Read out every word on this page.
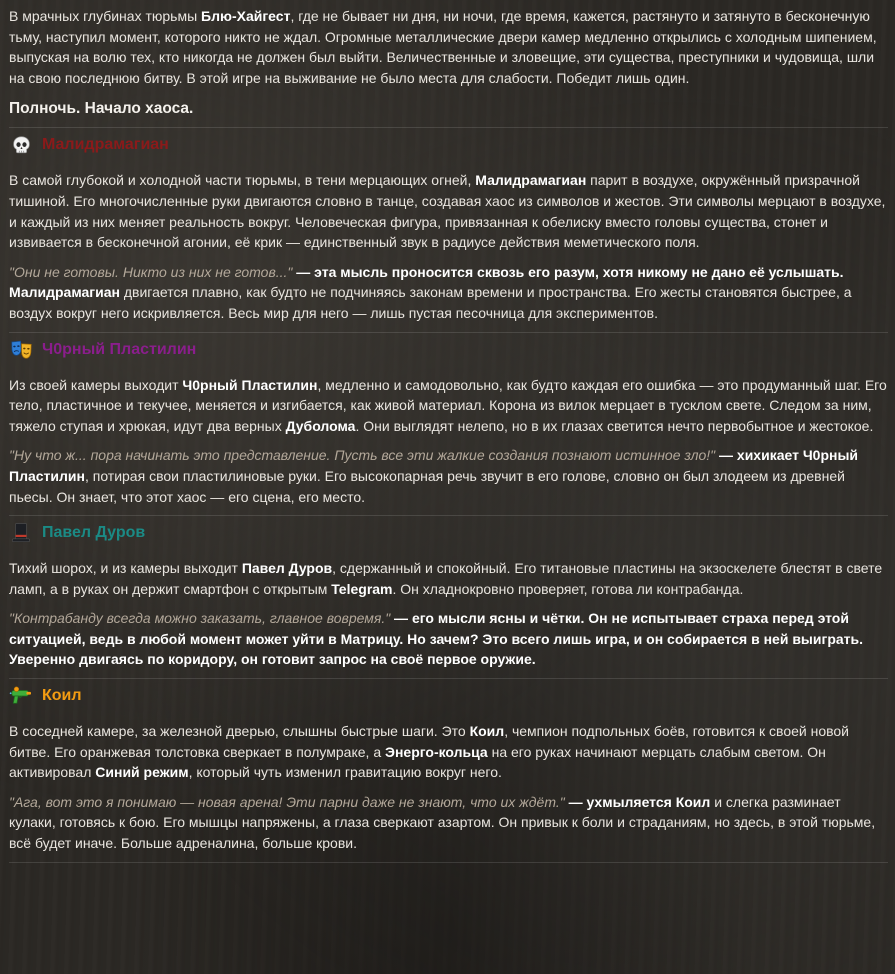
В мрачных глубинах тюрьмы Блю-Хайгест, где не бывает ни дня, ни ночи, где время, кажется, растянуто и затянуто в бесконечную тьму, наступил момент, которого никто не ждал. Огромные металлические двери камер медленно открылись с холодным шипением, выпуская на волю тех, кто никогда не должен был выйти. Величественные и зловещие, эти существа, преступники и чудовища, шли на свою последнюю битву. В этой игре на выживание не было места для слабости. Победит лишь один.

Полночь. Начало хаоса.
Малидрамагиан

В самой глубокой и холодной части тюрьмы, в тени мерцающих огней, Малидрамагиан парит в воздухе, окружённый призрачной тишиной. Его многочисленные руки двигаются словно в танце, создавая хаос из символов и жестов. Эти символы мерцают в воздухе, и каждый из них меняет реальность вокруг. Человеческая фигура, привязанная к обелиску вместо головы существа, стонет и извивается в бесконечной агонии, её крик — единственный звук в радиусе действия меметического поля.

"Они не готовы. Никто из них не готов..." — эта мысль проносится сквозь его разум, хотя никому не дано её услышать. Малидрамагиан двигается плавно, как будто не подчиняясь законам времени и пространства. Его жесты становятся быстрее, а воздух вокруг него искривляется. Весь мир для него — лишь пустая песочница для экспериментов.

Ч0рный Пластилин

Из своей камеры выходит Ч0рный Пластилин, медленно и самодовольно, как будто каждая его ошибка — это продуманный шаг. Его тело, пластичное и текучее, меняется и изгибается, как живой материал. Корона из вилок мерцает в тусклом свете. Следом за ним, тяжело ступая и хрюкая, идут два верных Дуболома. Они выглядят нелепо, но в их глазах светится нечто первобытное и жестокое.

"Ну что ж... пора начинать это представление. Пусть все эти жалкие создания познают истинное зло!" — хихикает Ч0рный Пластилин, потирая свои пластилиновые руки. Его высокопарная речь звучит в его голове, словно он был злодеем из древней пьесы. Он знает, что этот хаос — его сцена, его место.

Павел Дуров

Тихий шорох, и из камеры выходит Павел Дуров, сдержанный и спокойный. Его титановые пластины на экзоскелете блестят в свете ламп, а в руках он держит смартфон с открытым Telegram. Он хладнокровно проверяет, готова ли контрабанда.

"Контрабанду всегда можно заказать, главное вовремя." — его мысли ясны и чётки. Он не испытывает страха перед этой ситуацией, ведь в любой момент может уйти в Матрицу. Но зачем? Это всего лишь игра, и он собирается в ней выиграть. Уверенно двигаясь по коридору, он готовит запрос на своё первое оружие.

Коил

В соседней камере, за железной дверью, слышны быстрые шаги. Это Коил, чемпион подпольных боёв, готовится к своей новой битве. Его оранжевая толстовка сверкает в полумраке, а Энерго-кольца на его руках начинают мерцать слабым светом. Он активировал Синий режим, который чуть изменил гравитацию вокруг него.

"Ага, вот это я понимаю — новая арена! Эти парни даже не знают, что их ждёт." — ухмыляется Коил и слегка разминает кулаки, готовясь к бою. Его мышцы напряжены, а глаза сверкают азартом. Он привык к боли и страданиям, но здесь, в этой тюрьме, всё будет иначе. Больше адреналина, больше крови.
